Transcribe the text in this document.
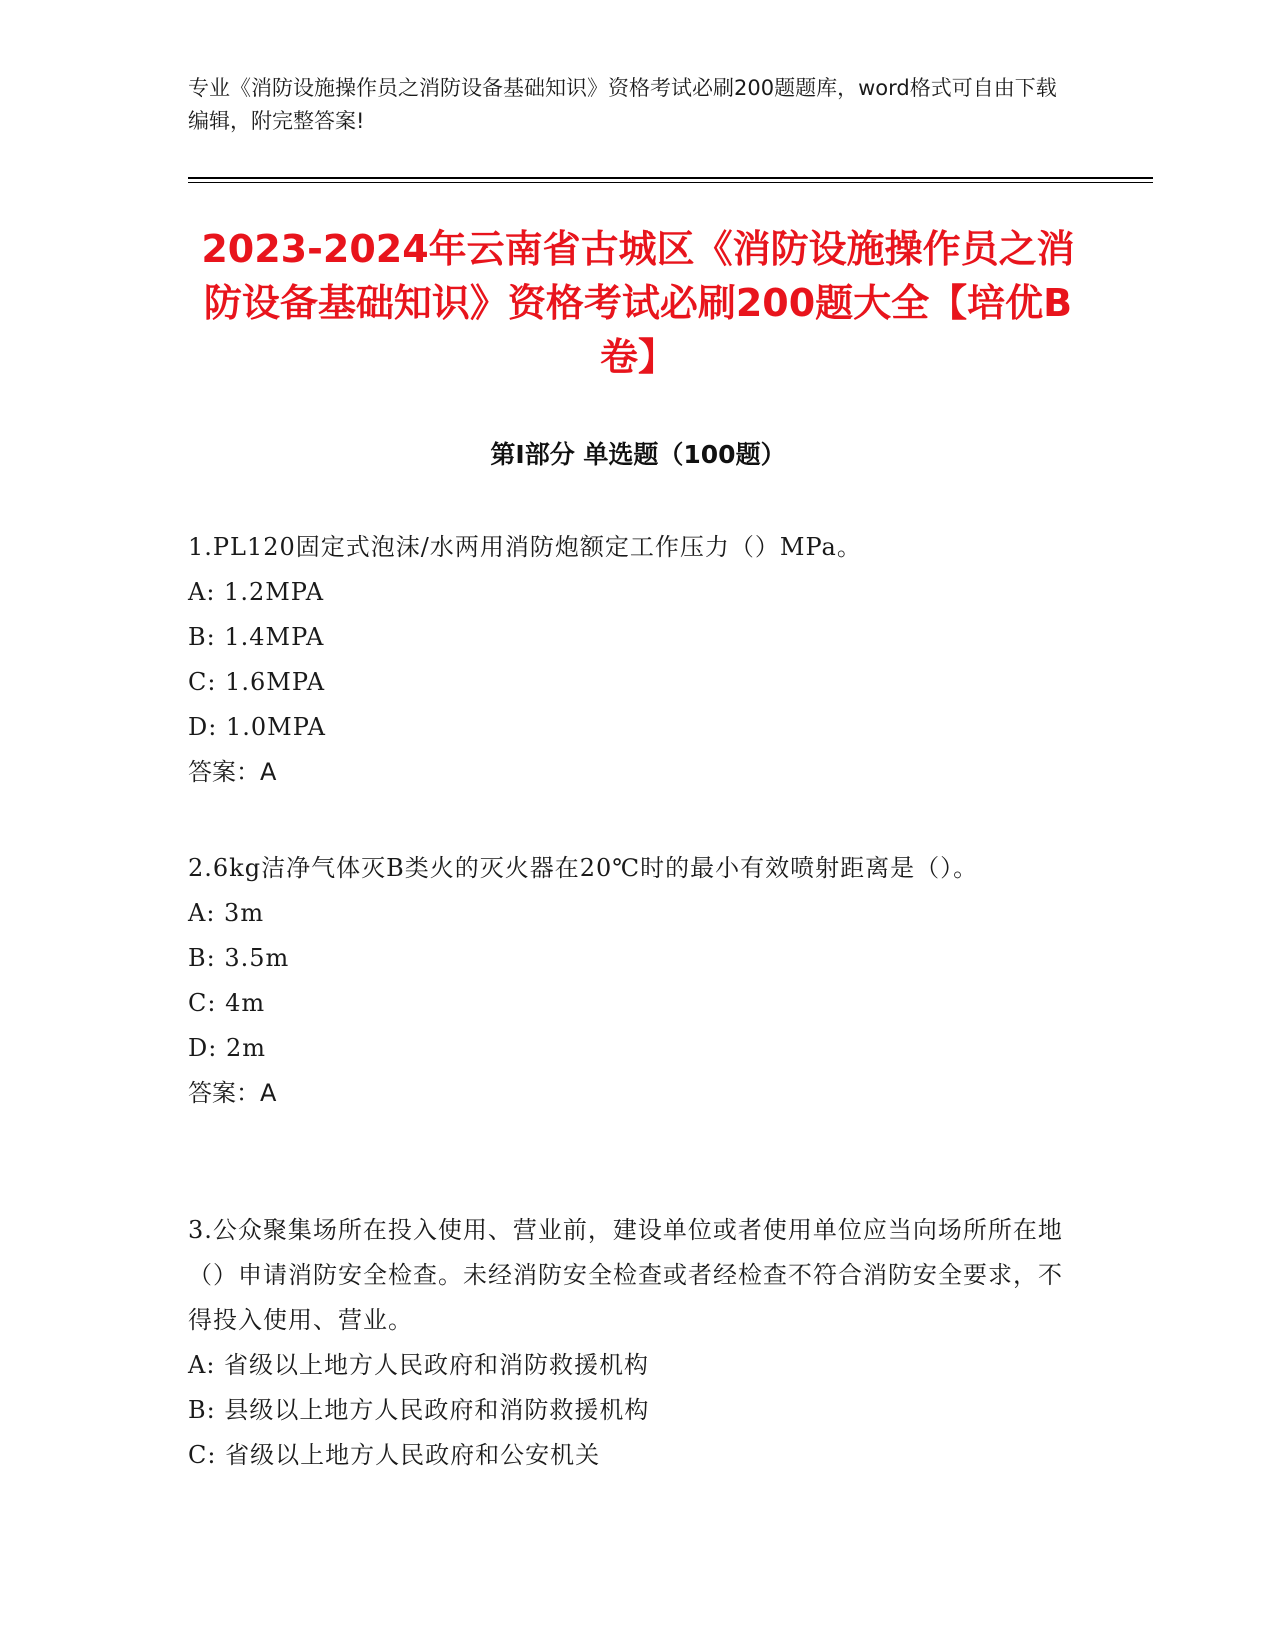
专业《消防设施操作员之消防设备基础知识》资格考试必刷200题题库，word格式可自由下载编辑，附完整答案!
2023-2024年云南省古城区《消防设施操作员之消防设备基础知识》资格考试必刷200题大全【培优B卷】
第I部分 单选题（100题）
1.PL120固定式泡沫/水两用消防炮额定工作压力（）MPa。
A: 1.2MPA
B: 1.4MPA
C: 1.6MPA
D: 1.0MPA
答案：A
2.6kg洁净气体灭B类火的灭火器在20℃时的最小有效喷射距离是（）。
A: 3m
B: 3.5m
C: 4m
D: 2m
答案：A
3.公众聚集场所在投入使用、营业前，建设单位或者使用单位应当向场所所在地（）申请消防安全检查。未经消防安全检查或者经检查不符合消防安全要求，不得投入使用、营业。
A: 省级以上地方人民政府和消防救援机构
B: 县级以上地方人民政府和消防救援机构
C: 省级以上地方人民政府和公安机关
